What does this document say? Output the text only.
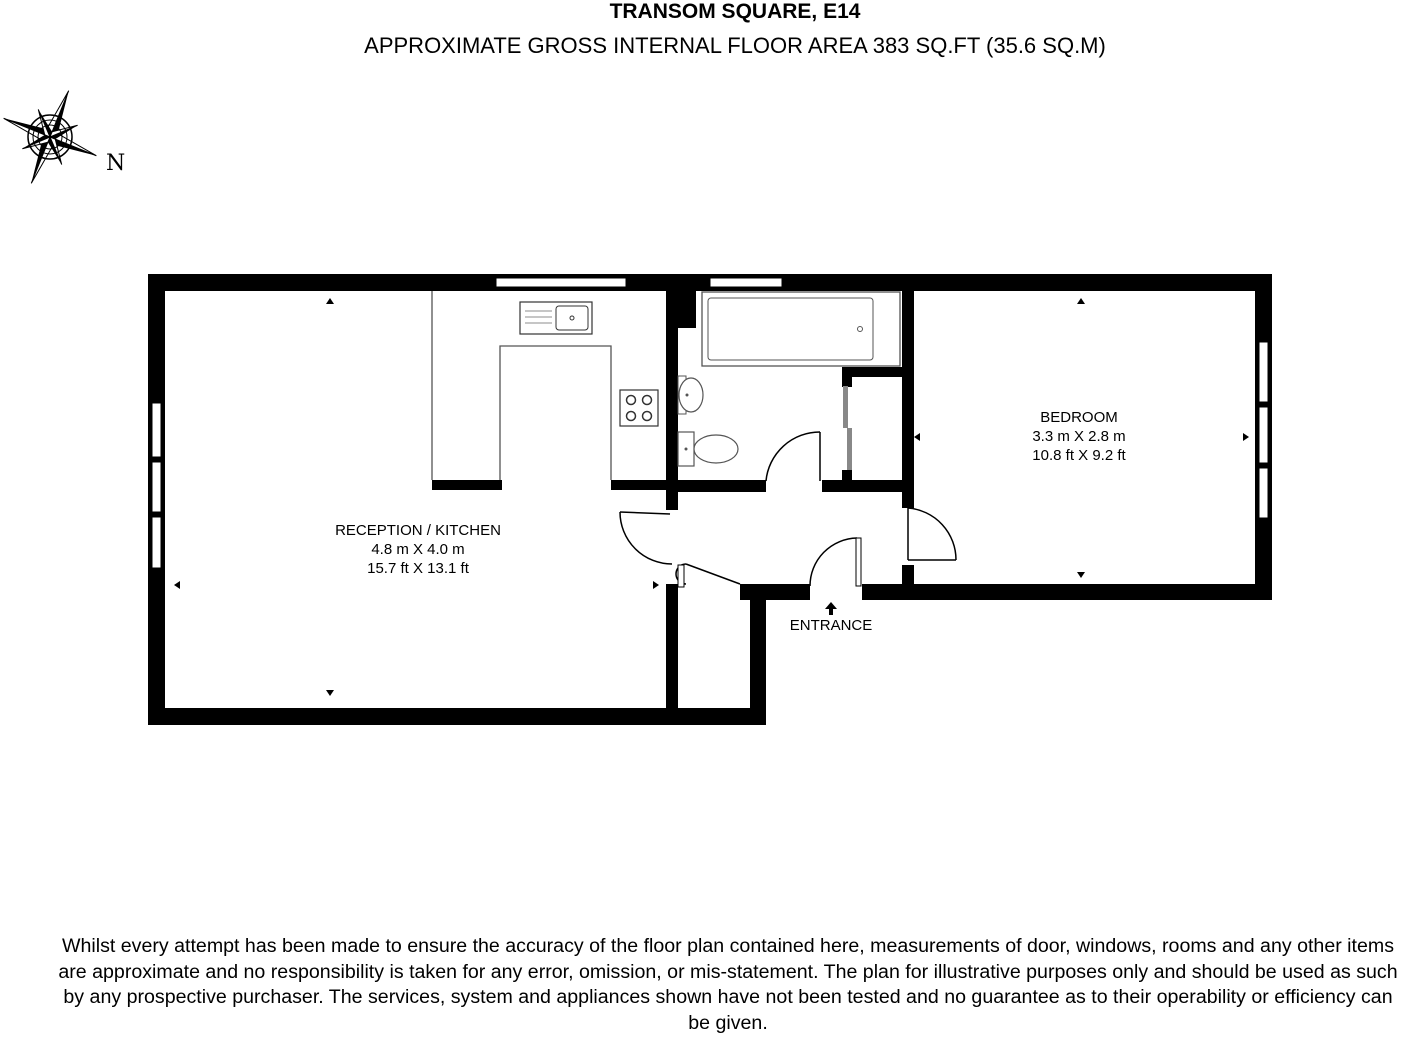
TRANSOM SQUARE, E14
APPROXIMATE GROSS INTERNAL FLOOR AREA 383 SQ.FT (35.6 SQ.M)
N
RECEPTION / KITCHEN
4.8 m X 4.0 m
15.7 ft X 13.1 ft
BEDROOM
3.3 m X 2.8 m
10.8 ft X 9.2 ft
ENTRANCE
Whilst every attempt has been made to ensure the accuracy of the floor plan contained here, measurements of door, windows, rooms and any other items are approximate and no responsibility is taken for any error, omission, or mis-statement. The plan for illustrative purposes only and should be used as such by any prospective purchaser. The services, system and appliances shown have not been tested and no guarantee as to their operability or efficiency can be given.
